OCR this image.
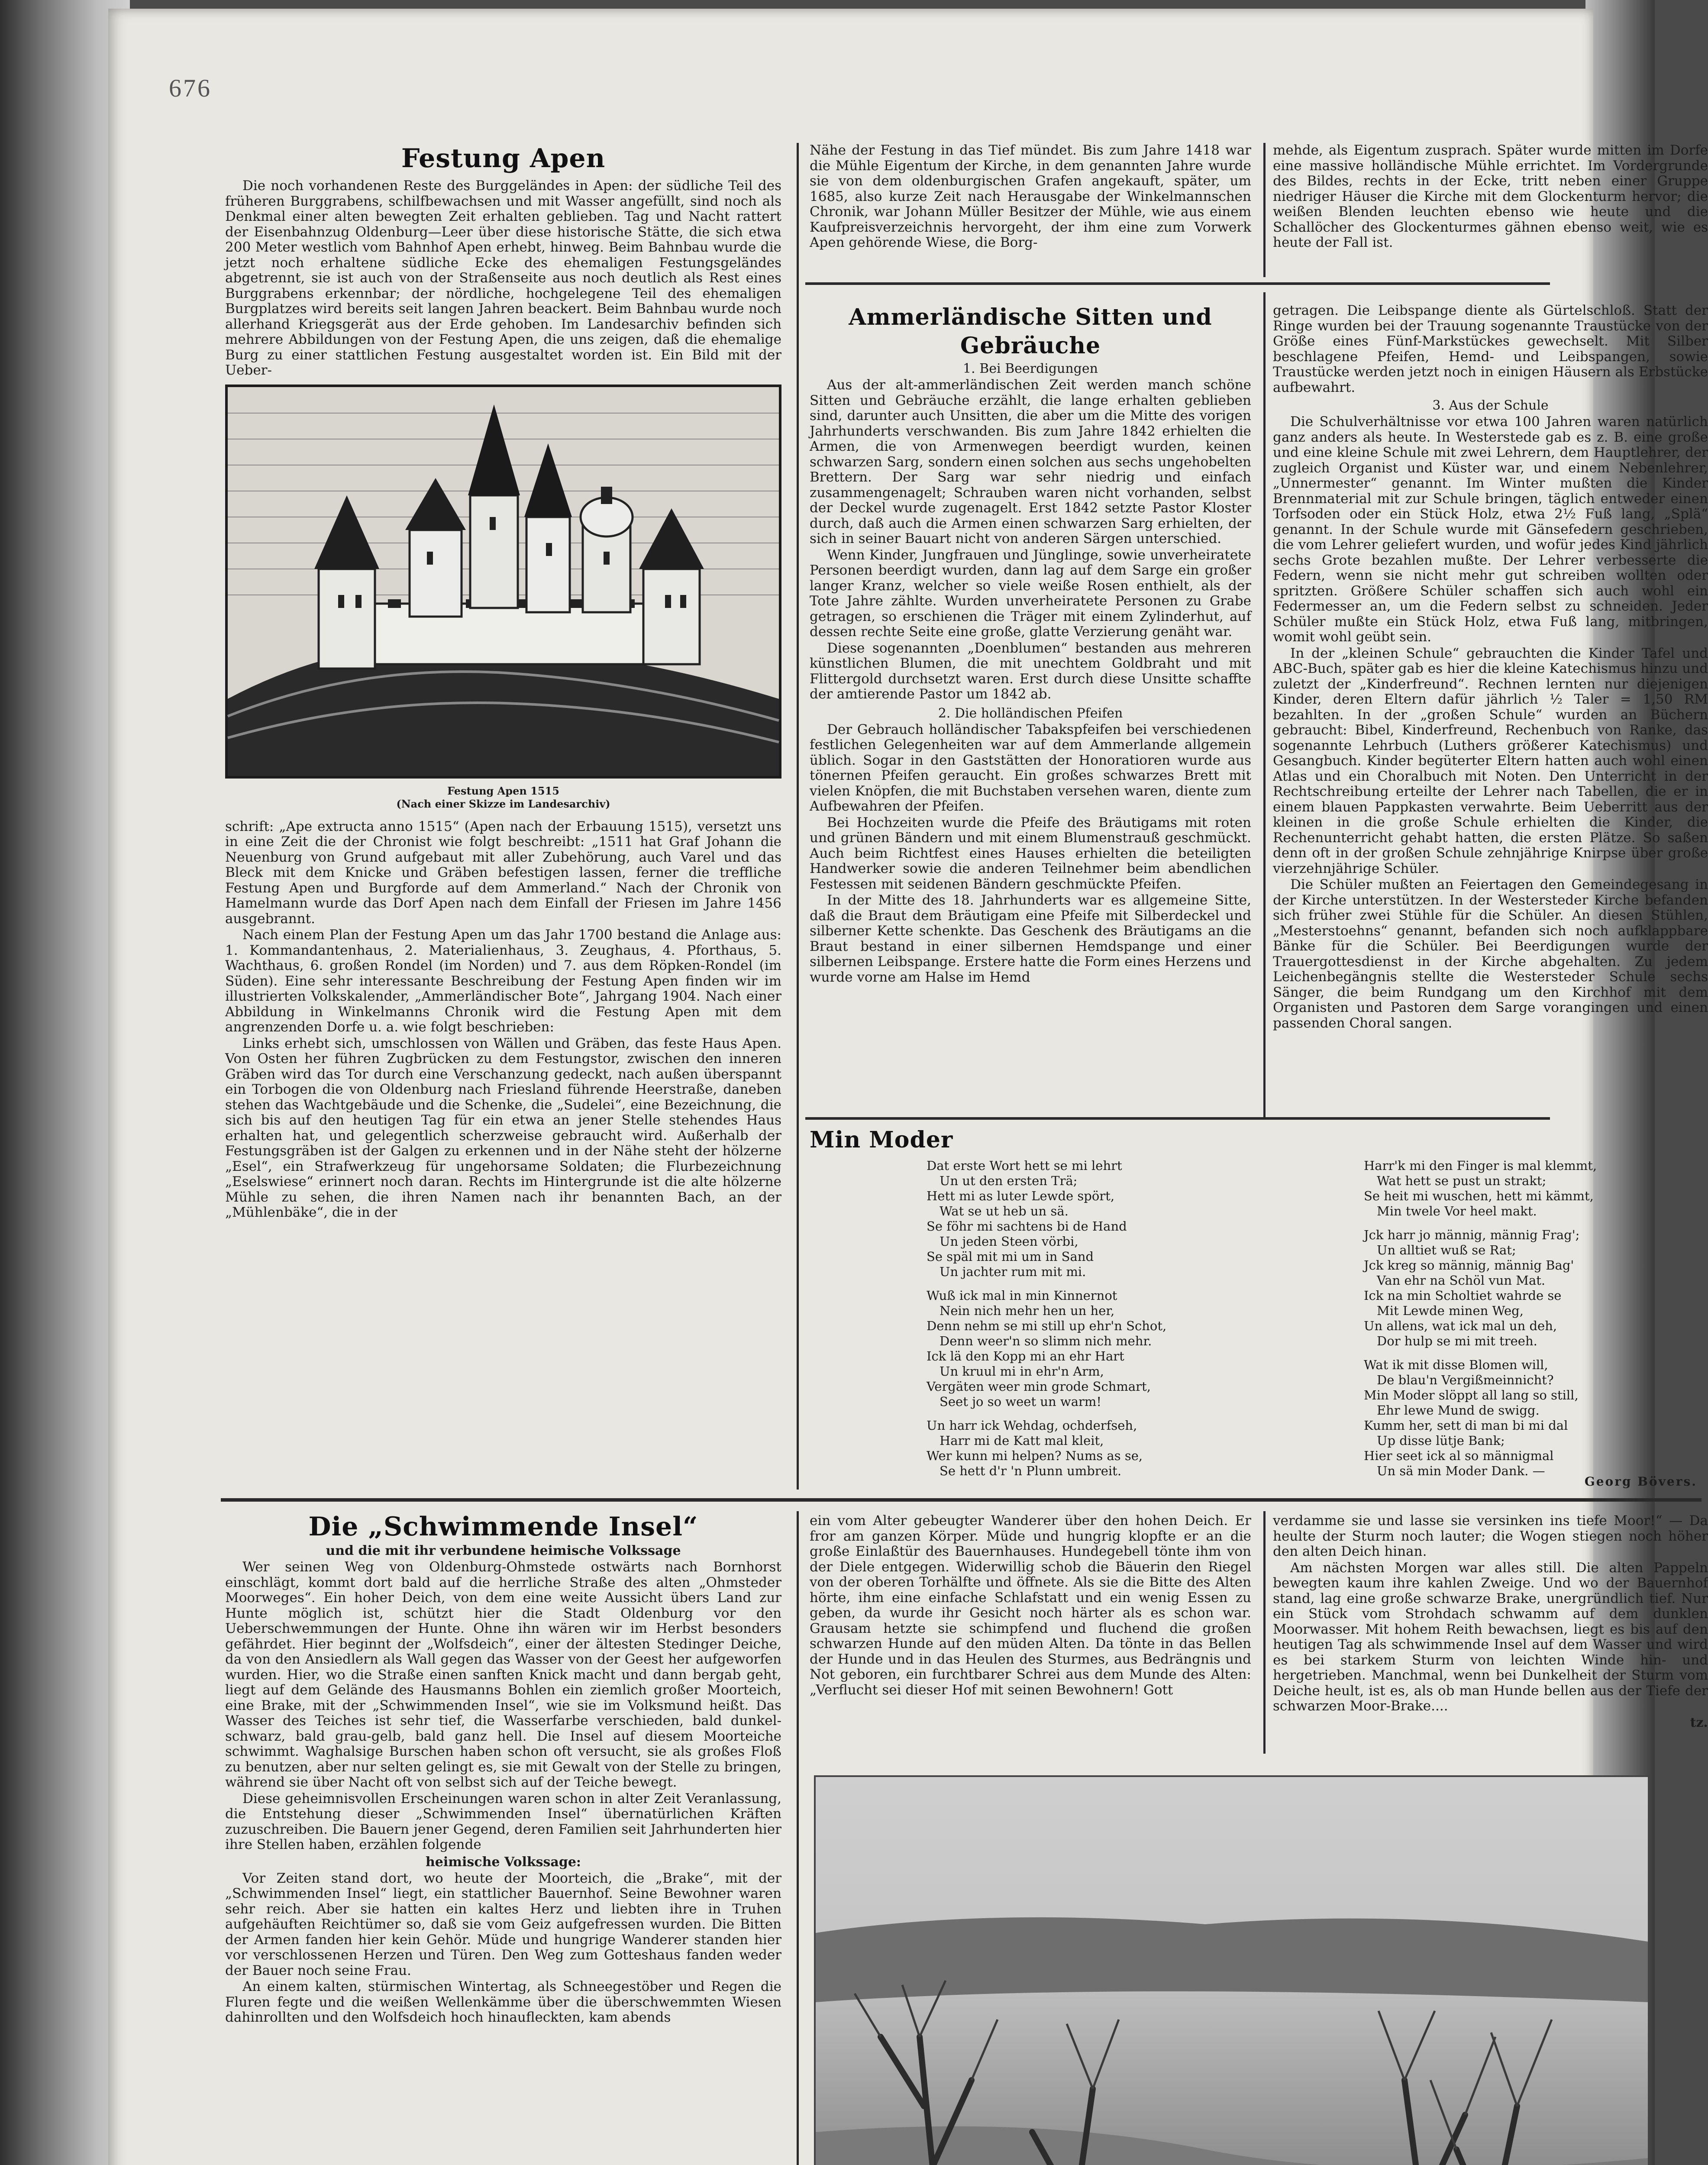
676
Festung Apen

Die noch vorhandenen Reste des Burggeländes in Apen: der südliche Teil des früheren Burggrabens, schilfbewachsen und mit Wasser angefüllt, sind noch als Denkmal einer alten bewegten Zeit erhalten geblieben. Tag und Nacht rattert der Eisenbahnzug Oldenburg—Leer über diese historische Stätte, die sich etwa 200 Meter westlich vom Bahnhof Apen erhebt, hinweg. Beim Bahnbau wurde die jetzt noch erhaltene südliche Ecke des ehemaligen Festungsgeländes abgetrennt, sie ist auch von der Straßenseite aus noch deutlich als Rest eines Burggrabens erkennbar; der nördliche, hochgelegene Teil des ehemaligen Burgplatzes wird bereits seit langen Jahren beackert. Beim Bahnbau wurde noch allerhand Kriegsgerät aus der Erde gehoben. Im Landesarchiv befinden sich mehrere Abbildungen von der Festung Apen, die uns zeigen, daß die ehemalige Burg zu einer stattlichen Festung ausgestaltet worden ist. Ein Bild mit der Ueber-

Festung Apen 1515
(Nach einer Skizze im Landesarchiv)

schrift: „Ape extructa anno 1515“ (Apen nach der Erbauung 1515), versetzt uns in eine Zeit die der Chronist wie folgt beschreibt: „1511 hat Graf Johann die Neuenburg von Grund aufgebaut mit aller Zubehörung, auch Varel und das Bleck mit dem Knicke und Gräben befestigen lassen, ferner die treffliche Festung Apen und Burgforde auf dem Ammerland.“ Nach der Chronik von Hamelmann wurde das Dorf Apen nach dem Einfall der Friesen im Jahre 1456 ausgebrannt.

Nach einem Plan der Festung Apen um das Jahr 1700 bestand die Anlage aus: 1. Kommandantenhaus, 2. Materialienhaus, 3. Zeughaus, 4. Pforthaus, 5. Wachthaus, 6. großen Rondel (im Norden) und 7. aus dem Röpken-Rondel (im Süden). Eine sehr interessante Beschreibung der Festung Apen finden wir im illustrierten Volkskalender, „Ammerländischer Bote“, Jahrgang 1904. Nach einer Abbildung in Winkelmanns Chronik wird die Festung Apen mit dem angrenzenden Dorfe u. a. wie folgt beschrieben:

Links erhebt sich, umschlossen von Wällen und Gräben, das feste Haus Apen. Von Osten her führen Zugbrücken zu dem Festungstor, zwischen den inneren Gräben wird das Tor durch eine Verschanzung gedeckt, nach außen überspannt ein Torbogen die von Oldenburg nach Friesland führende Heerstraße, daneben stehen das Wachtgebäude und die Schenke, die „Sudelei“, eine Bezeichnung, die sich bis auf den heutigen Tag für ein etwa an jener Stelle stehendes Haus erhalten hat, und gelegentlich scherzweise gebraucht wird. Außerhalb der Festungsgräben ist der Galgen zu erkennen und in der Nähe steht der hölzerne „Esel“, ein Strafwerkzeug für ungehorsame Soldaten; die Flurbezeichnung „Eselswiese“ erinnert noch daran. Rechts im Hintergrunde ist die alte hölzerne Mühle zu sehen, die ihren Namen nach ihr benannten Bach, an der „Mühlenbäke“, die in der

Nähe der Festung in das Tief mündet. Bis zum Jahre 1418 war die Mühle Eigentum der Kirche, in dem genannten Jahre wurde sie von dem oldenburgischen Grafen angekauft, später, um 1685, also kurze Zeit nach Herausgabe der Winkelmannschen Chronik, war Johann Müller Besitzer der Mühle, wie aus einem Kaufpreisverzeichnis hervorgeht, der ihm eine zum Vorwerk Apen gehörende Wiese, die Borg-

mehde, als Eigentum zusprach. Später wurde mitten im Dorfe eine massive holländische Mühle errichtet. Im Vordergrunde des Bildes, rechts in der Ecke, tritt neben einer Gruppe niedriger Häuser die Kirche mit dem Glockenturm hervor; die weißen Blenden leuchten ebenso wie heute und die Schallöcher des Glockenturmes gähnen ebenso weit, wie es heute der Fall ist.

Ammerländische Sitten und Gebräuche
1. Bei Beerdigungen

Aus der alt-ammerländischen Zeit werden manch schöne Sitten und Gebräuche erzählt, die lange erhalten geblieben sind, darunter auch Unsitten, die aber um die Mitte des vorigen Jahrhunderts verschwanden. Bis zum Jahre 1842 erhielten die Armen, die von Armenwegen beerdigt wurden, keinen schwarzen Sarg, sondern einen solchen aus sechs ungehobelten Brettern. Der Sarg war sehr niedrig und einfach zusammengenagelt; Schrauben waren nicht vorhanden, selbst der Deckel wurde zugenagelt. Erst 1842 setzte Pastor Kloster durch, daß auch die Armen einen schwarzen Sarg erhielten, der sich in seiner Bauart nicht von anderen Särgen unterschied.

Wenn Kinder, Jungfrauen und Jünglinge, sowie unverheiratete Personen beerdigt wurden, dann lag auf dem Sarge ein großer langer Kranz, welcher so viele weiße Rosen enthielt, als der Tote Jahre zählte. Wurden unverheiratete Personen zu Grabe getragen, so erschienen die Träger mit einem Zylinderhut, auf dessen rechte Seite eine große, glatte Verzierung genäht war.

Diese sogenannten „Doenblumen“ bestanden aus mehreren künstlichen Blumen, die mit unechtem Goldbraht und mit Flittergold durchsetzt waren. Erst durch diese Unsitte schaffte der amtierende Pastor um 1842 ab.

2. Die holländischen Pfeifen

Der Gebrauch holländischer Tabakspfeifen bei verschiedenen festlichen Gelegenheiten war auf dem Ammerlande allgemein üblich. Sogar in den Gaststätten der Honoratioren wurde aus tönernen Pfeifen geraucht. Ein großes schwarzes Brett mit vielen Knöpfen, die mit Buchstaben versehen waren, diente zum Aufbewahren der Pfeifen.

Bei Hochzeiten wurde die Pfeife des Bräutigams mit roten und grünen Bändern und mit einem Blumenstrauß geschmückt. Auch beim Richtfest eines Hauses erhielten die beteiligten Handwerker sowie die anderen Teilnehmer beim abendlichen Festessen mit seidenen Bändern geschmückte Pfeifen.

In der Mitte des 18. Jahrhunderts war es allgemeine Sitte, daß die Braut dem Bräutigam eine Pfeife mit Silberdeckel und silberner Kette schenkte. Das Geschenk des Bräutigams an die Braut bestand in einer silbernen Hemdspange und einer silbernen Leibspange. Erstere hatte die Form eines Herzens und wurde vorne am Halse im Hemd

getragen. Die Leibspange diente als Gürtelschloß. Statt der Ringe wurden bei der Trauung sogenannte Traustücke von der Größe eines Fünf-Markstückes gewechselt. Mit Silber beschlagene Pfeifen, Hemd- und Leibspangen, sowie Traustücke werden jetzt noch in einigen Häusern als Erbstücke aufbewahrt.

3. Aus der Schule

Die Schulverhältnisse vor etwa 100 Jahren waren natürlich ganz anders als heute. In Westerstede gab es z. B. eine große und eine kleine Schule mit zwei Lehrern, dem Hauptlehrer, der zugleich Organist und Küster war, und einem Nebenlehrer, „Unnermester“ genannt. Im Winter mußten die Kinder Brennmaterial mit zur Schule bringen, täglich entweder einen Torfsoden oder ein Stück Holz, etwa 2½ Fuß lang, „Splä“ genannt. In der Schule wurde mit Gänsefedern geschrieben, die vom Lehrer geliefert wurden, und wofür jedes Kind jährlich sechs Grote bezahlen mußte. Der Lehrer verbesserte die Federn, wenn sie nicht mehr gut schreiben wollten oder spritzten. Größere Schüler schaffen sich auch wohl ein Federmesser an, um die Federn selbst zu schneiden. Jeder Schüler mußte ein Stück Holz, etwa Fuß lang, mitbringen, womit wohl geübt sein.

In der „kleinen Schule“ gebrauchten die Kinder Tafel und ABC-Buch, später gab es hier die kleine Katechismus hinzu und zuletzt der „Kinderfreund“. Rechnen lernten nur diejenigen Kinder, deren Eltern dafür jährlich ½ Taler = 1,50 RM bezahlten. In der „großen Schule“ wurden an Büchern gebraucht: Bibel, Kinderfreund, Rechenbuch von Ranke, das sogenannte Lehrbuch (Luthers größerer Katechismus) und Gesangbuch. Kinder begüterter Eltern hatten auch wohl einen Atlas und ein Choralbuch mit Noten. Den Unterricht in der Rechtschreibung erteilte der Lehrer nach Tabellen, die er in einem blauen Pappkasten verwahrte. Beim Ueberritt aus der kleinen in die große Schule erhielten die Kinder, die Rechenunterricht gehabt hatten, die ersten Plätze. So saßen denn oft in der großen Schule zehnjährige Knirpse über große vierzehnjährige Schüler.

Die Schüler mußten an Feiertagen den Gemeindegesang in der Kirche unterstützen. In der Westersteder Kirche befanden sich früher zwei Stühle für die Schüler. An diesen Stühlen, „Mesterstoehns“ genannt, befanden sich noch aufklappbare Bänke für die Schüler. Bei Beerdigungen wurde der Trauergottesdienst in der Kirche abgehalten. Zu jedem Leichenbegängnis stellte die Westersteder Schule sechs Sänger, die beim Rundgang um den Kirchhof mit dem Organisten und Pastoren dem Sarge vorangingen und einen passenden Choral sangen.

Min Moder
Dat erste Wort hett se mi lehrt
Un ut den ersten Trä;
Hett mi as luter Lewde spört,
Wat se ut heb un sä.
Se föhr mi sachtens bi de Hand
Un jeden Steen vörbi,
Se späl mit mi um in Sand
Un jachter rum mit mi.
Wuß ick mal in min Kinnernot
Nein nich mehr hen un her,
Denn nehm se mi still up ehr'n Schot,
Denn weer'n so slimm nich mehr.
Ick lä den Kopp mi an ehr Hart
Un kruul mi in ehr'n Arm,
Vergäten weer min grode Schmart,
Seet jo so weet un warm!
Un harr ick Wehdag, ochderfseh,
Harr mi de Katt mal kleit,
Wer kunn mi helpen? Nums as se,
Se hett d'r 'n Plunn umbreit.
Harr'k mi den Finger is mal klemmt,
Wat hett se pust un strakt;
Se heit mi wuschen, hett mi kämmt,
Min twele Vor heel makt.
Jck harr jo männig, männig Frag';
Un alltiet wuß se Rat;
Jck kreg so männig, männig Bag'
Van ehr na Schöl vun Mat.
Ick na min Scholtiet wahrde se
Mit Lewde minen Weg,
Un allens, wat ick mal un deh,
Dor hulp se mi mit treeh.
Wat ik mit disse Blomen will,
De blau'n Vergißmeinnicht?
Min Moder slöppt all lang so still,
Ehr lewe Mund de swigg.
Kumm her, sett di man bi mi dal
Up disse lütje Bank;
Hier seet ick al so männigmal
Un sä min Moder Dank. —
Georg Bövers.
Die „Schwimmende Insel“
und die mit ihr verbundene heimische Volkssage

Wer seinen Weg von Oldenburg-Ohmstede ostwärts nach Bornhorst einschlägt, kommt dort bald auf die herrliche Straße des alten „Ohmsteder Moorweges“. Ein hoher Deich, von dem eine weite Aussicht übers Land zur Hunte möglich ist, schützt hier die Stadt Oldenburg vor den Ueberschwemmungen der Hunte. Ohne ihn wären wir im Herbst besonders gefährdet. Hier beginnt der „Wolfsdeich“, einer der ältesten Stedinger Deiche, da von den Ansiedlern als Wall gegen das Wasser von der Geest her aufgeworfen wurden. Hier, wo die Straße einen sanften Knick macht und dann bergab geht, liegt auf dem Gelände des Hausmanns Bohlen ein ziemlich großer Moorteich, eine Brake, mit der „Schwimmenden Insel“, wie sie im Volksmund heißt. Das Wasser des Teiches ist sehr tief, die Wasserfarbe verschieden, bald dunkel-schwarz, bald grau-gelb, bald ganz hell. Die Insel auf diesem Moorteiche schwimmt. Waghalsige Burschen haben schon oft versucht, sie als großes Floß zu benutzen, aber nur selten gelingt es, sie mit Gewalt von der Stelle zu bringen, während sie über Nacht oft von selbst sich auf der Teiche bewegt.

Diese geheimnisvollen Erscheinungen waren schon in alter Zeit Veranlassung, die Entstehung dieser „Schwimmenden Insel“ übernatürlichen Kräften zuzuschreiben. Die Bauern jener Gegend, deren Familien seit Jahrhunderten hier ihre Stellen haben, erzählen folgende

heimische Volkssage:

Vor Zeiten stand dort, wo heute der Moorteich, die „Brake“, mit der „Schwimmenden Insel“ liegt, ein stattlicher Bauernhof. Seine Bewohner waren sehr reich. Aber sie hatten ein kaltes Herz und liebten ihre in Truhen aufgehäuften Reichtümer so, daß sie vom Geiz aufgefressen wurden. Die Bitten der Armen fanden hier kein Gehör. Müde und hungrige Wanderer standen hier vor verschlossenen Herzen und Türen. Den Weg zum Gotteshaus fanden weder der Bauer noch seine Frau.

An einem kalten, stürmischen Wintertag, als Schneegestöber und Regen die Fluren fegte und die weißen Wellenkämme über die überschwemmten Wiesen dahinrollten und den Wolfsdeich hoch hinaufleckten, kam abends

ein vom Alter gebeugter Wanderer über den hohen Deich. Er fror am ganzen Körper. Müde und hungrig klopfte er an die große Einlaßtür des Bauernhauses. Hundegebell tönte ihm von der Diele entgegen. Widerwillig schob die Bäuerin den Riegel von der oberen Torhälfte und öffnete. Als sie die Bitte des Alten hörte, ihm eine einfache Schlafstatt und ein wenig Essen zu geben, da wurde ihr Gesicht noch härter als es schon war. Grausam hetzte sie schimpfend und fluchend die großen schwarzen Hunde auf den müden Alten. Da tönte in das Bellen der Hunde und in das Heulen des Sturmes, aus Bedrängnis und Not geboren, ein furchtbarer Schrei aus dem Munde des Alten: „Verflucht sei dieser Hof mit seinen Bewohnern! Gott

verdamme sie und lasse sie versinken ins tiefe Moor!“ — Da heulte der Sturm noch lauter; die Wogen stiegen noch höher den alten Deich hinan.

Am nächsten Morgen war alles still. Die alten Pappeln bewegten kaum ihre kahlen Zweige. Und wo der Bauernhof stand, lag eine große schwarze Brake, unergründlich tief. Nur ein Stück vom Strohdach schwamm auf dem dunklen Moorwasser. Mit hohem Reith bewachsen, liegt es bis auf den heutigen Tag als schwimmende Insel auf dem Wasser und wird es bei starkem Sturm von leichten Winde hin- und hergetrieben. Manchmal, wenn bei Dunkelheit der Sturm vom Deiche heult, ist es, als ob man Hunde bellen aus der Tiefe der schwarzen Moor-Brake....

tz.
